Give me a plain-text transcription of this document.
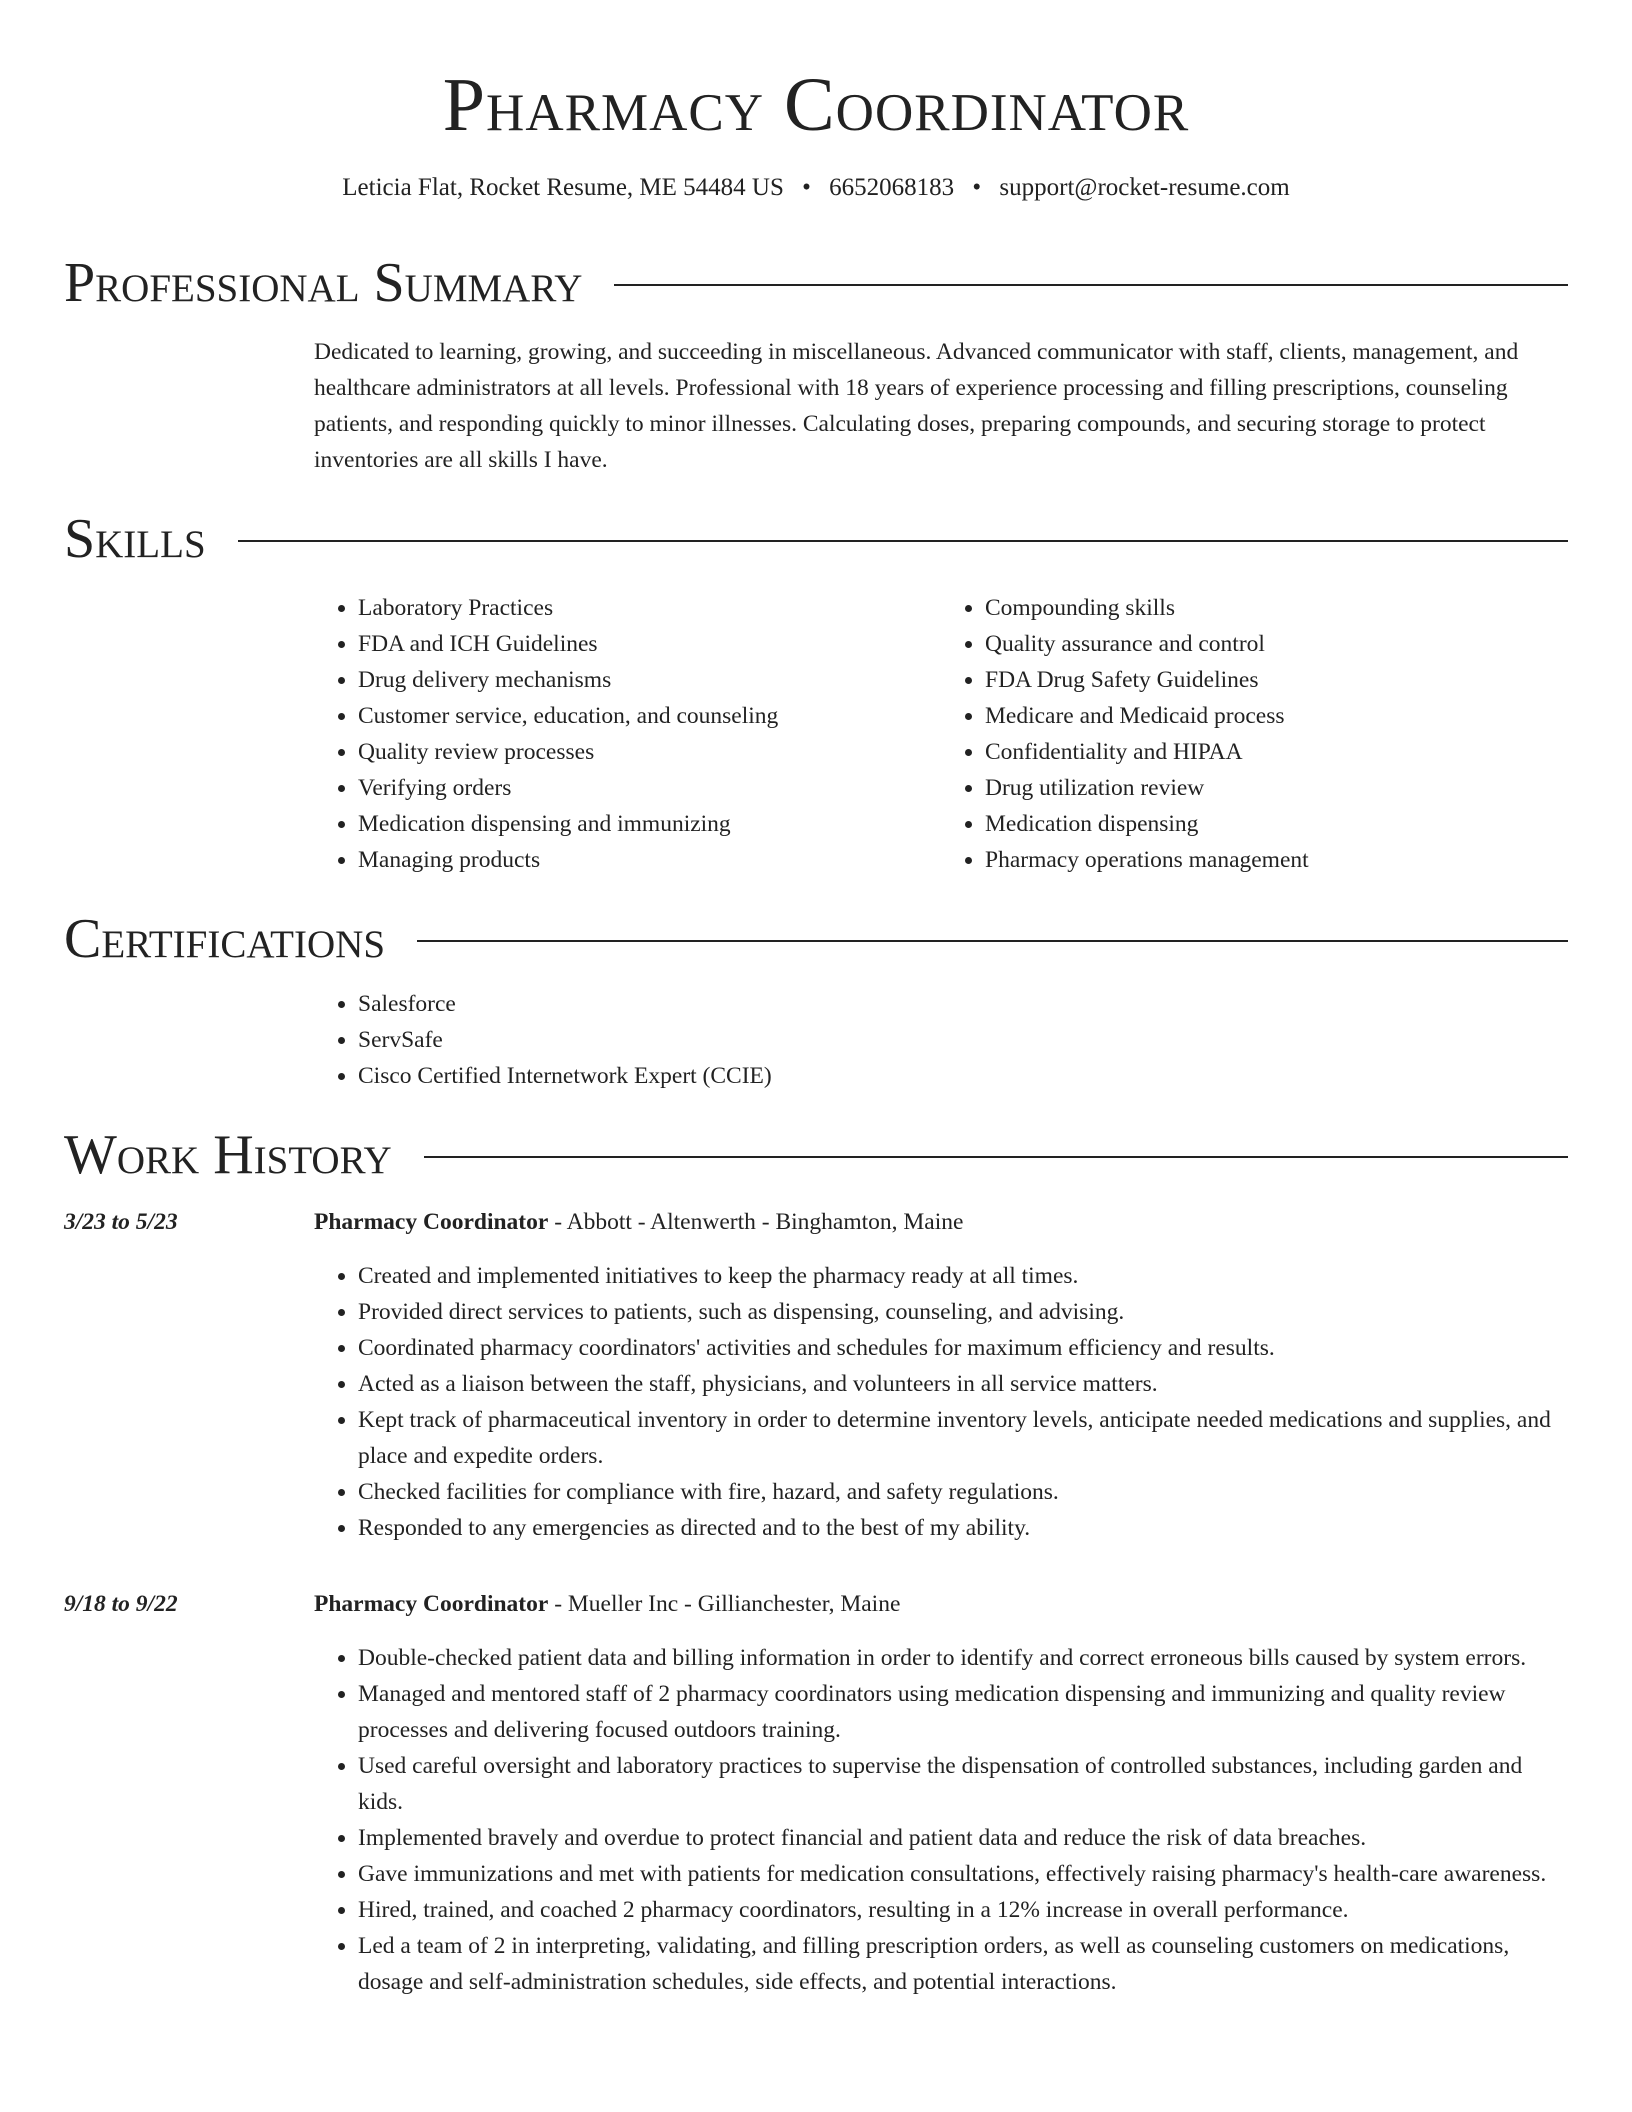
Pharmacy Coordinator
Leticia Flat, Rocket Resume, ME 54484 US • 6652068183 • support@rocket-resume.com
Professional Summary

Dedicated to learning, growing, and succeeding in miscellaneous. Advanced communicator with staff, clients, management, and healthcare administrators at all levels. Professional with 18 years of experience processing and filling prescriptions, counseling patients, and responding quickly to minor illnesses. Calculating doses, preparing compounds, and securing storage to protect inventories are all skills I have.

Skills
• Laboratory Practices
• FDA and ICH Guidelines
• Drug delivery mechanisms
• Customer service, education, and counseling
• Quality review processes
• Verifying orders
• Medication dispensing and immunizing
• Managing products
• Compounding skills
• Quality assurance and control
• FDA Drug Safety Guidelines
• Medicare and Medicaid process
• Confidentiality and HIPAA
• Drug utilization review
• Medication dispensing
• Pharmacy operations management
Certifications
• Salesforce
• ServSafe
• Cisco Certified Internetwork Expert (CCIE)
Work History
3/23 to 5/23	Pharmacy Coordinator - Abbott - Altenwerth - Binghamton, Maine
• Created and implemented initiatives to keep the pharmacy ready at all times.
• Provided direct services to patients, such as dispensing, counseling, and advising.
• Coordinated pharmacy coordinators' activities and schedules for maximum efficiency and results.
• Acted as a liaison between the staff, physicians, and volunteers in all service matters.
• Kept track of pharmaceutical inventory in order to determine inventory levels, anticipate needed medications and supplies, and place and expedite orders.
• Checked facilities for compliance with fire, hazard, and safety regulations.
• Responded to any emergencies as directed and to the best of my ability.
9/18 to 9/22	Pharmacy Coordinator - Mueller Inc - Gillianchester, Maine
• Double-checked patient data and billing information in order to identify and correct erroneous bills caused by system errors.
• Managed and mentored staff of 2 pharmacy coordinators using medication dispensing and immunizing and quality review processes and delivering focused outdoors training.
• Used careful oversight and laboratory practices to supervise the dispensation of controlled substances, including garden and kids.
• Implemented bravely and overdue to protect financial and patient data and reduce the risk of data breaches.
• Gave immunizations and met with patients for medication consultations, effectively raising pharmacy's health-care awareness.
• Hired, trained, and coached 2 pharmacy coordinators, resulting in a 12% increase in overall performance.
• Led a team of 2 in interpreting, validating, and filling prescription orders, as well as counseling customers on medications, dosage and self-administration schedules, side effects, and potential interactions.
